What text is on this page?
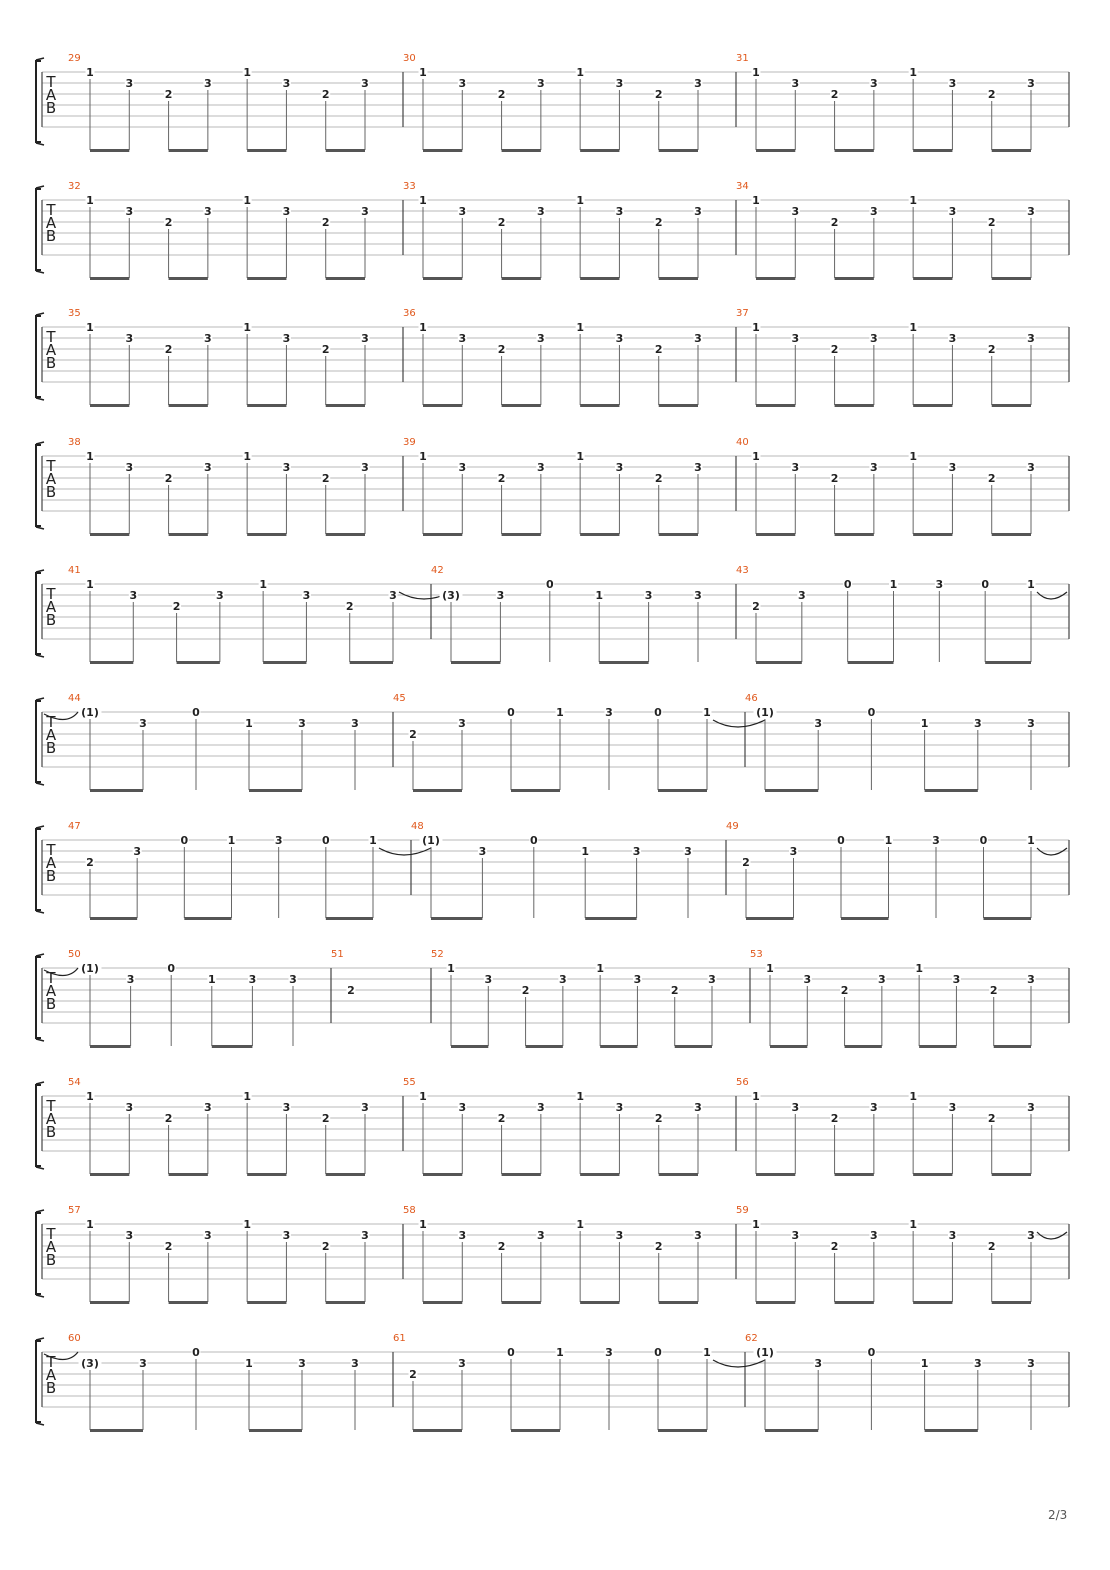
T
A
B
29
1
3
2
3
1
3
2
3
30
1
3
2
3
1
3
2
3
31
1
3
2
3
1
3
2
3
T
A
B
32
1
3
2
3
1
3
2
3
33
1
3
2
3
1
3
2
3
34
1
3
2
3
1
3
2
3
T
A
B
35
1
3
2
3
1
3
2
3
36
1
3
2
3
1
3
2
3
37
1
3
2
3
1
3
2
3
T
A
B
38
1
3
2
3
1
3
2
3
39
1
3
2
3
1
3
2
3
40
1
3
2
3
1
3
2
3
T
A
B
41
1
3
2
3
1
3
2
3
42
(3)	3
0
1	3	3
43
2
3
0	1	3	0	1
T
A
B
44
(1)
3
0
1	3	3
45
2
3
0	1	3	0	1
46
(1)
3
0
1	3	3
T
A
B
47
2
3
0	1	3	0	1
48
(1)
3
0
1	3	3
49
2
3
0	1	3	0	1
T
A
B
50
(1)
3
0
1	3	3
51
2
52
1
3
2
3
1
3
2
3
53
1
3
2
3
1
3
2
3
T
A
B
54
1
3
2
3
1
3
2
3
55
1
3
2
3
1
3
2
3
56
1
3
2
3
1
3
2
3
T
A
B
57
1
3
2
3
1
3
2
3
58
1
3
2
3
1
3
2
3
59
1
3
2
3
1
3
2
3
T
A
B
60
(3)	3
0
1	3	3
61
2
3
0	1	3	0	1
62
(1)
3
0
1	3	3
2/3
